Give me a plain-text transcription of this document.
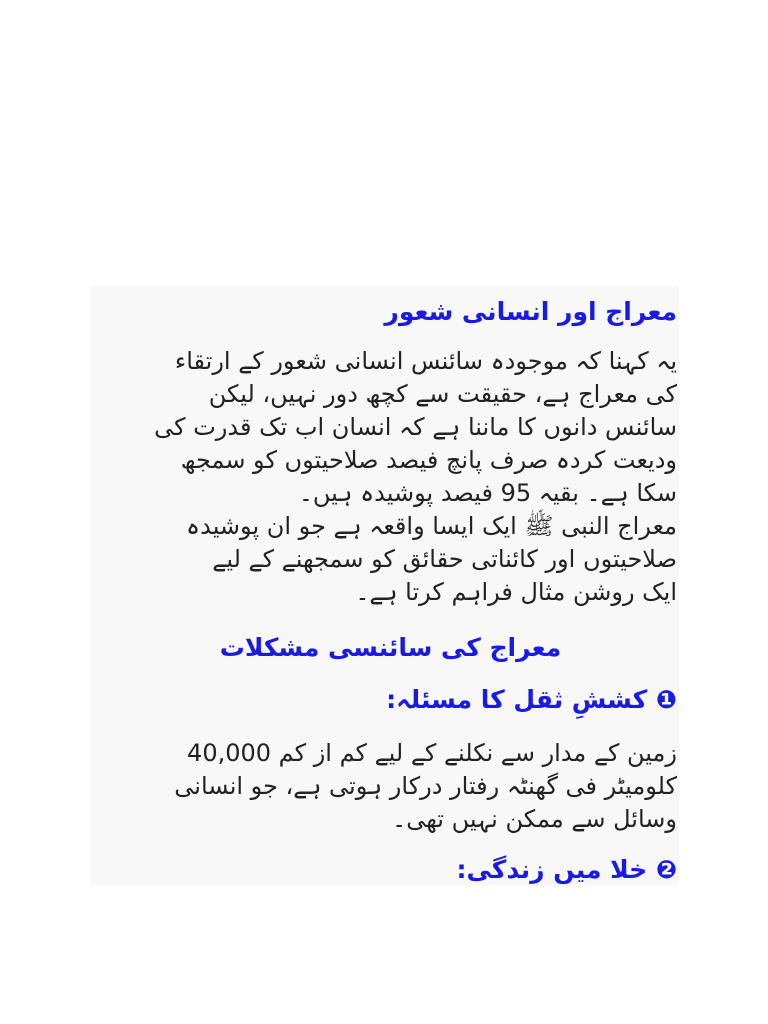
معراج اور انسانی شعور

یہ کہنا کہ موجودہ سائنس انسانی شعور کے ارتقاء
کی معراج ہے، حقیقت سے کچھ دور نہیں، لیکن
سائنس دانوں کا ماننا ہے کہ انسان اب تک قدرت کی
ودیعت کردہ صرف پانچ فیصد صلاحیتوں کو سمجھ
سکا ہے۔ بقیہ 95 فیصد پوشیدہ ہیں۔
معراج النبی ﷺ ایک ایسا واقعہ ہے جو ان پوشیدہ
صلاحیتوں اور کائناتی حقائق کو سمجھنے کے لیے
ایک روشن مثال فراہم کرتا ہے۔

معراج کی سائنسی مشکلات
❶ کششِ ثقل کا مسئلہ:

زمین کے مدار سے نکلنے کے لیے کم از کم 40,000
کلومیٹر فی گھنٹہ رفتار درکار ہوتی ہے، جو انسانی
وسائل سے ممکن نہیں تھی۔

❷ خلا میں زندگی:
